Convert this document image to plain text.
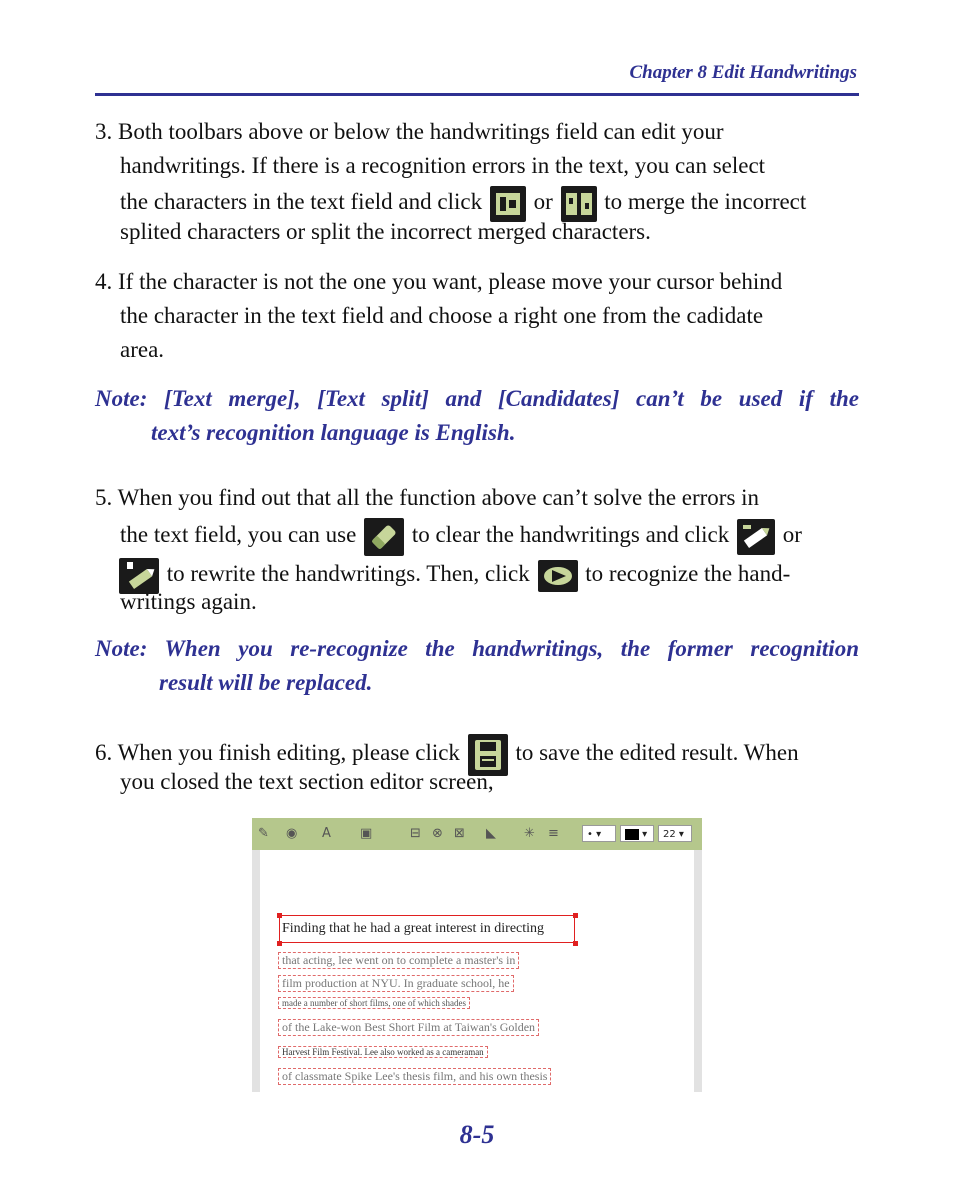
Chapter 8 Edit Handwritings
3. Both toolbars above or below the handwritings field can edit your
handwritings. If there is a recognition errors in the text, you can select
the characters in the text field and click or to merge the incorrect
splited characters or split the incorrect merged characters.
4. If the character is not the one you want, please move your cursor behind
the character in the text field and choose a right one from the cadidate
area.
Note: [Text merge], [Text split] and [Candidates] can’t be used if the
text’s recognition language is English.
5. When you find out that all the function above can’t solve the errors in
the text field, you can use to clear the handwritings and click or
to rewrite the handwritings. Then, click to recognize the hand-
writings again.
Note: When you re-recognize the handwritings, the former recognition
result will be replaced.
6. When you finish editing, please click to save the edited result. When
you closed the text section editor screen,
✎ ◉ A ▣	⊟ ⊗ ⊠ ◣ ✳ ≡	• ▾	▾	22 ▾
Finding that he had a great interest in directing
that acting, lee went on to complete a master's in
film production at NYU. In graduate school, he
made a number of short films, one of which shades
of the Lake-won Best Short Film at Taiwan's Golden
Harvest Film Festival. Lee also worked as a cameraman
of classmate Spike Lee's thesis film, and his own thesis
8-5
